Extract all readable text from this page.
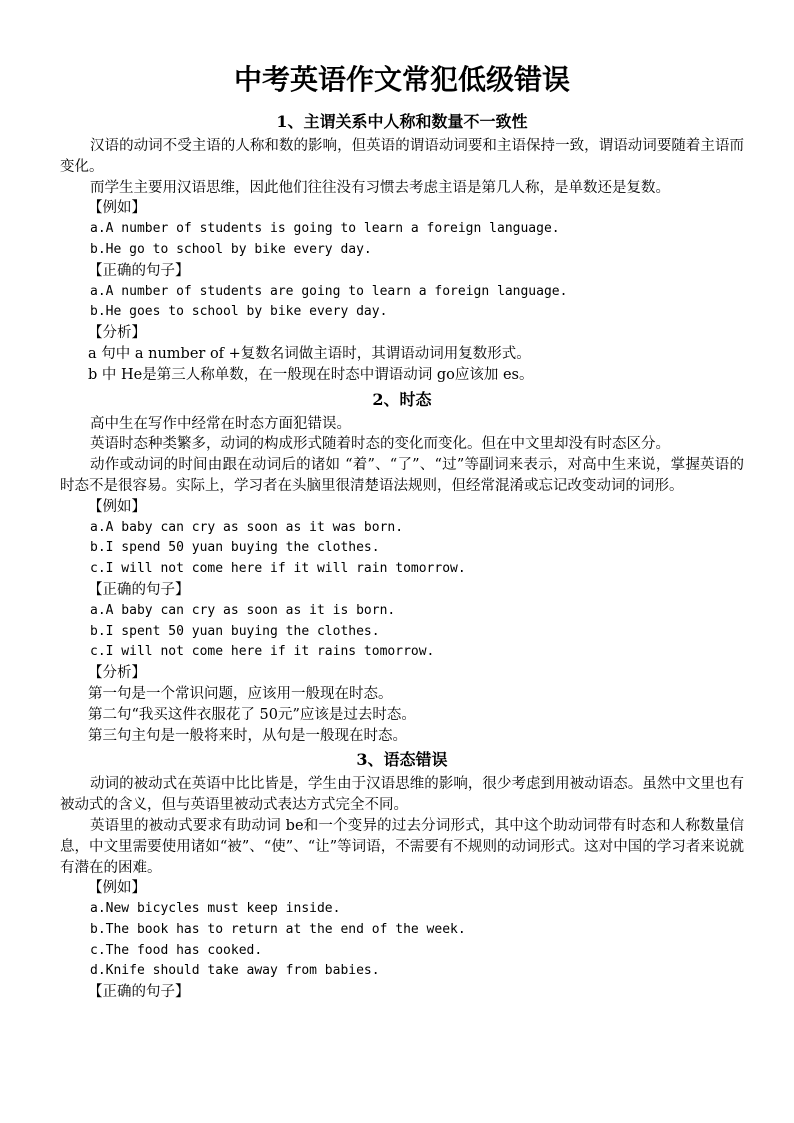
中考英语作文常犯低级错误
1、主谓关系中人称和数量不一致性

汉语的动词不受主语的人称和数的影响，但英语的谓语动词要和主语保持一致，谓语动词要随着主语而变化。

而学生主要用汉语思维，因此他们往往没有习惯去考虑主语是第几人称，是单数还是复数。

【例如】

a.A number of students is going to learn a foreign language.

b.He go to school by bike every day.

【正确的句子】

a.A number of students are going to learn a foreign language.

b.He goes to school by bike every day.

【分析】

a 句中 a number of +复数名词做主语时，其谓语动词用复数形式。

b 中 He是第三人称单数，在一般现在时态中谓语动词 go应该加 es。

2、时态

高中生在写作中经常在时态方面犯错误。

英语时态种类繁多，动词的构成形式随着时态的变化而变化。但在中文里却没有时态区分。

动作或动词的时间由跟在动词后的诸如 “着”、“了”、“过”等副词来表示，对高中生来说，掌握英语的时态不是很容易。实际上，学习者在头脑里很清楚语法规则，但经常混淆或忘记改变动词的词形。

【例如】

a.A baby can cry as soon as it was born.

b.I spend 50 yuan buying the clothes.

c.I will not come here if it will rain tomorrow.

【正确的句子】

a.A baby can cry as soon as it is born.

b.I spent 50 yuan buying the clothes.

c.I will not come here if it rains tomorrow.

【分析】

第一句是一个常识问题，应该用一般现在时态。

第二句“我买这件衣服花了 50元”应该是过去时态。

第三句主句是一般将来时，从句是一般现在时态。

3、语态错误

动词的被动式在英语中比比皆是，学生由于汉语思维的影响，很少考虑到用被动语态。虽然中文里也有被动式的含义，但与英语里被动式表达方式完全不同。

英语里的被动式要求有助动词 be和一个变异的过去分词形式，其中这个助动词带有时态和人称数量信息，中文里需要使用诸如“被”、“使”、“让”等词语，不需要有不规则的动词形式。这对中国的学习者来说就有潜在的困难。

【例如】

a.New bicycles must keep inside.

b.The book has to return at the end of the week.

c.The food has cooked.

d.Knife should take away from babies.

【正确的句子】
